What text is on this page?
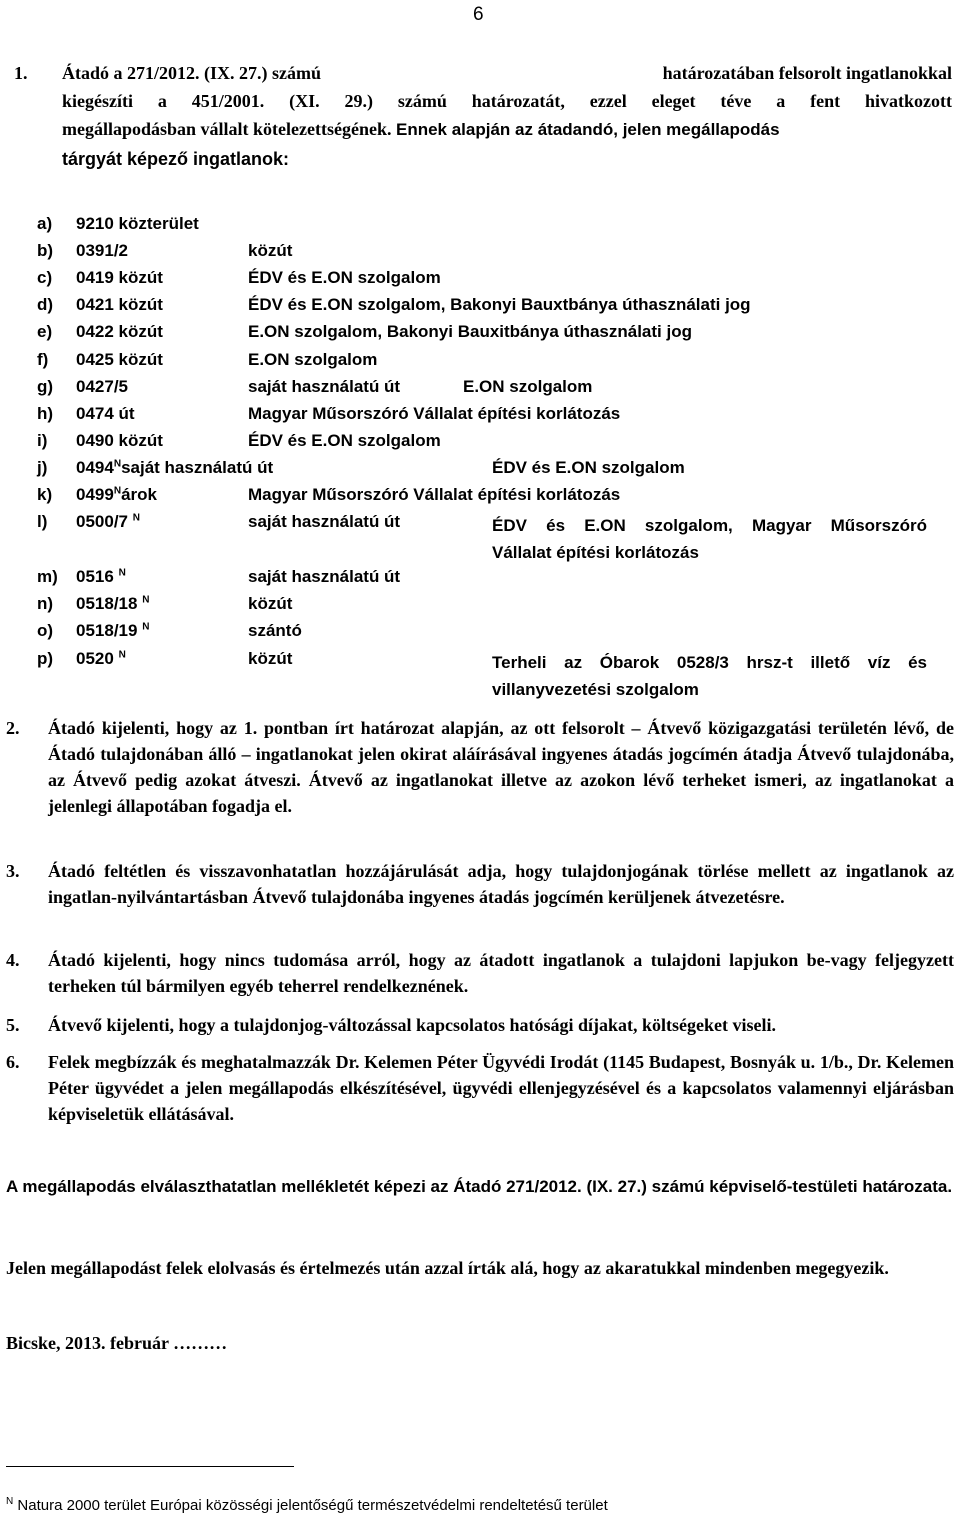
6
1. Átadó a 271/2012. (IX. 27.) számú	határozatában felsorolt ingatlanokkal
kiegészíti a 451/2001. (XI. 29.) számú határozatát, ezzel eleget téve a fent hivatkozott
megállapodásban vállalt kötelezettségének. Ennek alapján az átadandó, jelen megállapodás
tárgyát képező ingatlanok:
a) 9210 közterület
b) 0391/2	közút
c) 0419 közút	ÉDV és E.ON szolgalom
d) 0421 közút	ÉDV és E.ON szolgalom, Bakonyi Bauxtbánya úthasználati jog
e) 0422 közút	E.ON szolgalom, Bakonyi Bauxitbánya úthasználati jog
f) 0425 közút	E.ON szolgalom
g) 0427/5	saját használatú út	E.ON szolgalom
h) 0474 út	Magyar Műsorszóró Vállalat építési korlátozás
i) 0490 közút	ÉDV és E.ON szolgalom
j) $0494^Nsaját$ használatú út	ÉDV és E.ON szolgalom
k) $0499^Nárok$	Magyar Műsorszóró Vállalat építési korlátozás
l) 0500/7 $^N$	saját használatú út	ÉDV és E.ON szolgalom, Magyar Műsorszóró
Vállalat építési korlátozás
m) 0516 $^N$	saját használatú út
n) 0518/18 $^N$	közút
o) 0518/19 $^N$	szántó
p) 0520 $^N$	közút	Terheli az Óbarok 0528/3 hrsz-t illető víz és
villanyvezetési szolgalom
2. Átadó kijelenti, hogy az 1. pontban írt határozat alapján, az ott felsorolt – Átvevő közigazgatási területén lévő, de Átadó tulajdonában álló – ingatlanokat jelen okirat aláírásával ingyenes átadás jogcímén átadja Átvevő tulajdonába, az Átvevő pedig azokat átveszi. Átvevő az ingatlanokat illetve az azokon lévő terheket ismeri, az ingatlanokat a jelenlegi állapotában fogadja el.
3. Átadó feltétlen és visszavonhatatlan hozzájárulását adja, hogy tulajdonjogának törlése mellett az ingatlanok az ingatlan-nyilvántartásban Átvevő tulajdonába ingyenes átadás jogcímén kerüljenek átvezetésre.
4. Átadó kijelenti, hogy nincs tudomása arról, hogy az átadott ingatlanok a tulajdoni lapjukon be-vagy feljegyzett terheken túl bármilyen egyéb teherrel rendelkeznének.
5. Átvevő kijelenti, hogy a tulajdonjog-változással kapcsolatos hatósági díjakat, költségeket viseli.
6. Felek megbízzák és meghatalmazzák Dr. Kelemen Péter Ügyvédi Irodát (1145 Budapest, Bosnyák u. 1/b., Dr. Kelemen Péter ügyvédet a jelen megállapodás elkészítésével, ügyvédi ellenjegyzésével és a kapcsolatos valamennyi eljárásban képviseletük ellátásával.
A megállapodás elválaszthatatlan mellékletét képezi az Átadó 271/2012. (IX. 27.) számú képviselő-testületi határozata.
Jelen megállapodást felek elolvasás és értelmezés után azzal írták alá, hogy az akaratukkal mindenben megegyezik.
Bicske, 2013. február ………
$^N$ Natura 2000 terület Európai közösségi jelentőségű természetvédelmi rendeltetésű terület
